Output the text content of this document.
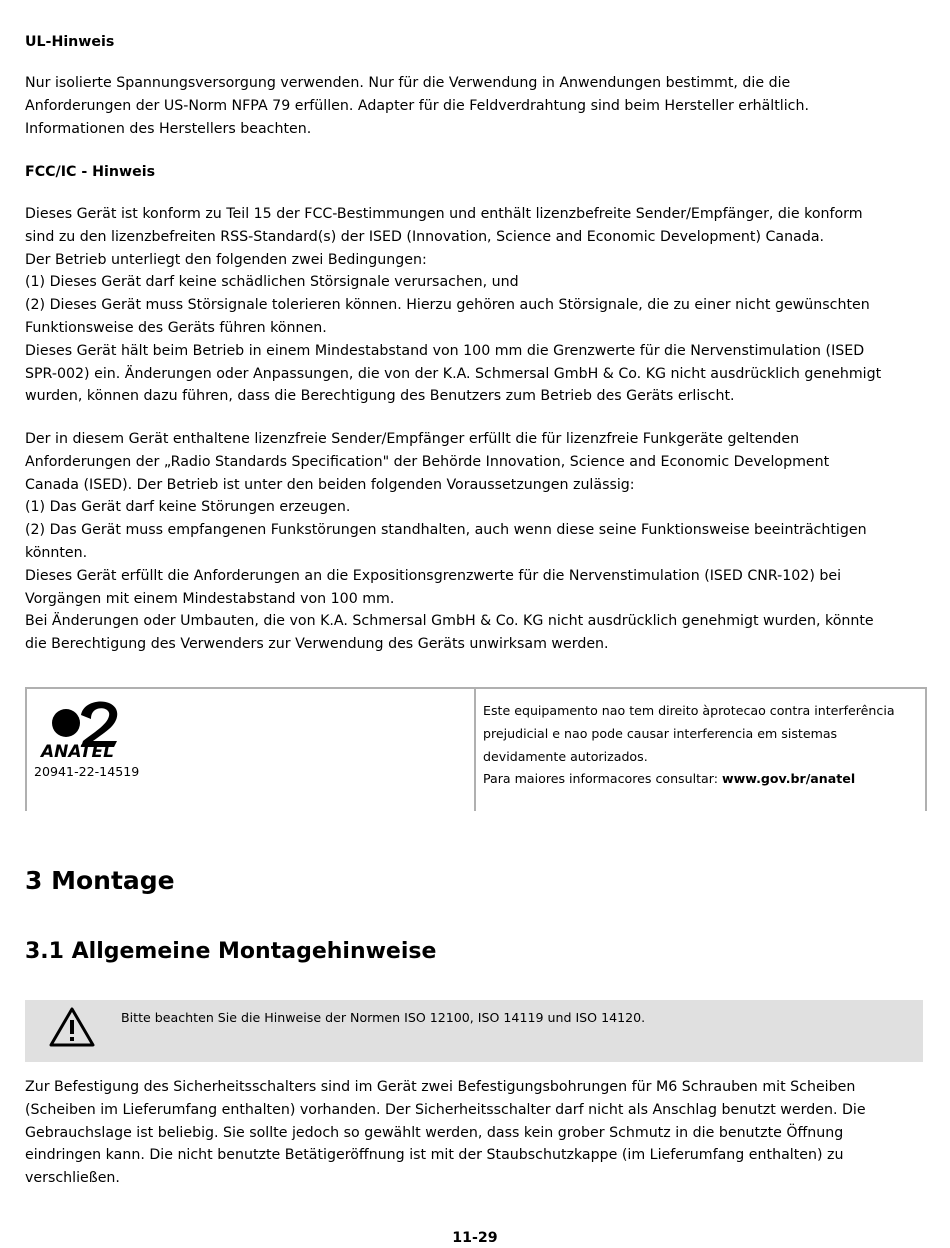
UL-Hinweis

Nur isolierte Spannungsversorgung verwenden. Nur für die Verwendung in Anwendungen bestimmt, die die
Anforderungen der US-Norm NFPA 79 erfüllen. Adapter für die Feldverdrahtung sind beim Hersteller erhältlich.
Informationen des Herstellers beachten.

FCC/IC - Hinweis

Dieses Gerät ist konform zu Teil 15 der FCC-Bestimmungen und enthält lizenzbefreite Sender/Empfänger, die konform
sind zu den lizenzbefreiten RSS-Standard(s) der ISED (Innovation, Science and Economic Development) Canada.
Der Betrieb unterliegt den folgenden zwei Bedingungen:
(1) Dieses Gerät darf keine schädlichen Störsignale verursachen, und
(2) Dieses Gerät muss Störsignale tolerieren können. Hierzu gehören auch Störsignale, die zu einer nicht gewünschten
Funktionsweise des Geräts führen können.
Dieses Gerät hält beim Betrieb in einem Mindestabstand von 100 mm die Grenzwerte für die Nervenstimulation (ISED
SPR-002) ein. Änderungen oder Anpassungen, die von der K.A. Schmersal GmbH & Co. KG nicht ausdrücklich genehmigt
wurden, können dazu führen, dass die Berechtigung des Benutzers zum Betrieb des Geräts erlischt.

Der in diesem Gerät enthaltene lizenzfreie Sender/Empfänger erfüllt die für lizenzfreie Funkgeräte geltenden
Anforderungen der „Radio Standards Specification" der Behörde Innovation, Science and Economic Development
Canada (ISED). Der Betrieb ist unter den beiden folgenden Voraussetzungen zulässig:
(1) Das Gerät darf keine Störungen erzeugen.
(2) Das Gerät muss empfangenen Funkstörungen standhalten, auch wenn diese seine Funktionsweise beeinträchtigen
könnten.
Dieses Gerät erfüllt die Anforderungen an die Expositionsgrenzwerte für die Nervenstimulation (ISED CNR-102) bei
Vorgängen mit einem Mindestabstand von 100 mm.
Bei Änderungen oder Umbauten, die von K.A. Schmersal GmbH & Co. KG nicht ausdrücklich genehmigt wurden, könnte
die Berechtigung des Verwenders zur Verwendung des Geräts unwirksam werden.

ANATEL
20941-22-14519
Este equipamento nao tem direito àprotecao contra interferência
prejudicial e nao pode causar interferencia em sistemas
devidamente autorizados.
Para maiores informacores consultar: www.gov.br/anatel
3 Montage
3.1 Allgemeine Montagehinweise
Bitte beachten Sie die Hinweise der Normen ISO 12100, ISO 14119 und ISO 14120.

Zur Befestigung des Sicherheitsschalters sind im Gerät zwei Befestigungsbohrungen für M6 Schrauben mit Scheiben
(Scheiben im Lieferumfang enthalten) vorhanden. Der Sicherheitsschalter darf nicht als Anschlag benutzt werden. Die
Gebrauchslage ist beliebig. Sie sollte jedoch so gewählt werden, dass kein grober Schmutz in die benutzte Öffnung
eindringen kann. Die nicht benutzte Betätigeröffnung ist mit der Staubschutzkappe (im Lieferumfang enthalten) zu
verschließen.

11-29
